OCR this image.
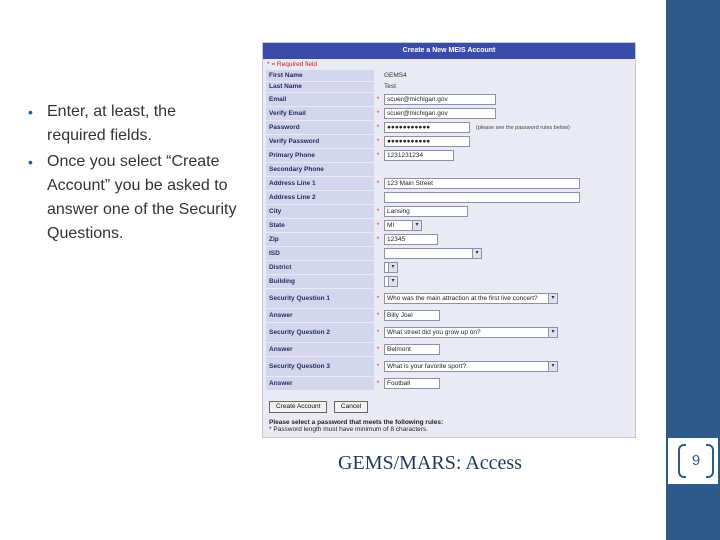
9
• Enter, at least, the required fields.
• Once you select “Create Account” you be asked to answer one of the Security Questions.
Create a New MEIS Account
* = Required field
First Name		GEMS4
Last Name		Test
Email	*	scuer@michigan.gov
Verify Email	*	scuer@michigan.gov
Password	*	●●●●●●●●●●● (please see the password rules below)
Verify Password	*	●●●●●●●●●●●
Primary Phone	*	1231231234
Secondary Phone		
Address Line 1	*	123 Main Street
Address Line 2		
City	*	Lansing
State	*	MI ▾

Zip	*	12345
ISD		▾

District		▾

Building		▾

Security Question 1	*	Who was the main attraction at the first live concert? ▾

Answer	*	Billy Joel
Security Question 2	*	What street did you grow up on? ▾

Answer	*	Belmont
Security Question 3	*	What is your favorite sport? ▾

Answer	*	Football
Create Account	Cancel
Please select a password that meets the following rules:
* Password length must have minimum of 8 characters.
GEMS/MARS: Access
